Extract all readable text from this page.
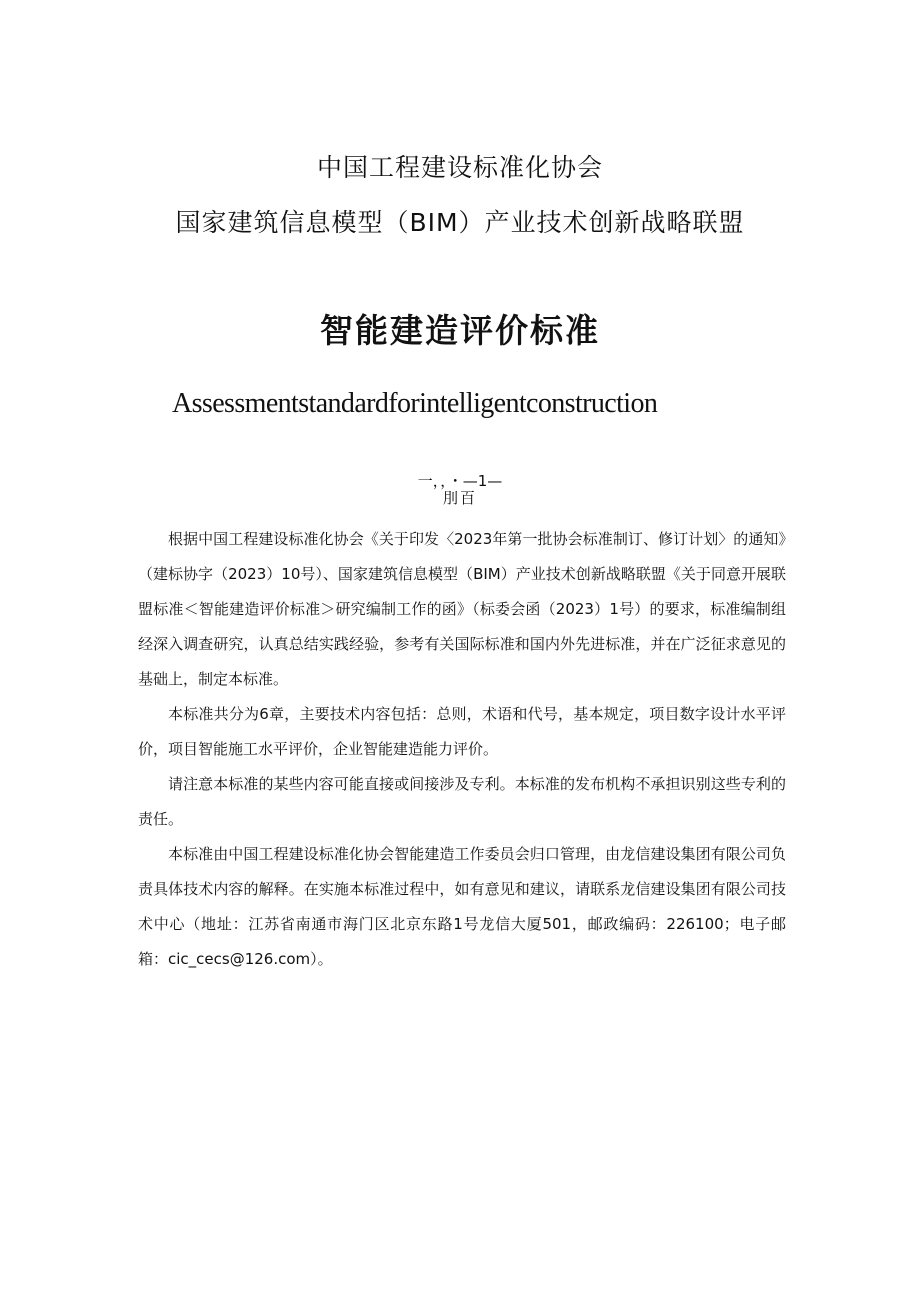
中国工程建设标准化协会
国家建筑信息模型（BIM）产业技术创新战略联盟
智能建造评价标准
Assessmentstandardforintelligentconstruction
一，，・—1—
刖百

根据中国工程建设标准化协会《关于印发〈2023年第一批协会标准制订、修订计划〉的通知》（建标协字（2023）10号）、国家建筑信息模型（BIM）产业技术创新战略联盟《关于同意开展联盟标准＜智能建造评价标准＞研究编制工作的函》（标委会函（2023）1号）的要求，标准编制组经深入调查研究，认真总结实践经验，参考有关国际标准和国内外先进标准，并在广泛征求意见的基础上，制定本标准。

本标准共分为6章，主要技术内容包括：总则，术语和代号，基本规定，项目数字设计水平评价，项目智能施工水平评价，企业智能建造能力评价。

请注意本标准的某些内容可能直接或间接涉及专利。本标准的发布机构不承担识别这些专利的责任。

本标准由中国工程建设标准化协会智能建造工作委员会归口管理，由龙信建设集团有限公司负责具体技术内容的解释。在实施本标准过程中，如有意见和建议，请联系龙信建设集团有限公司技术中心（地址：江苏省南通市海门区北京东路1号龙信大厦501，邮政编码：226100；电子邮箱：cic_cecs@126.com）。
